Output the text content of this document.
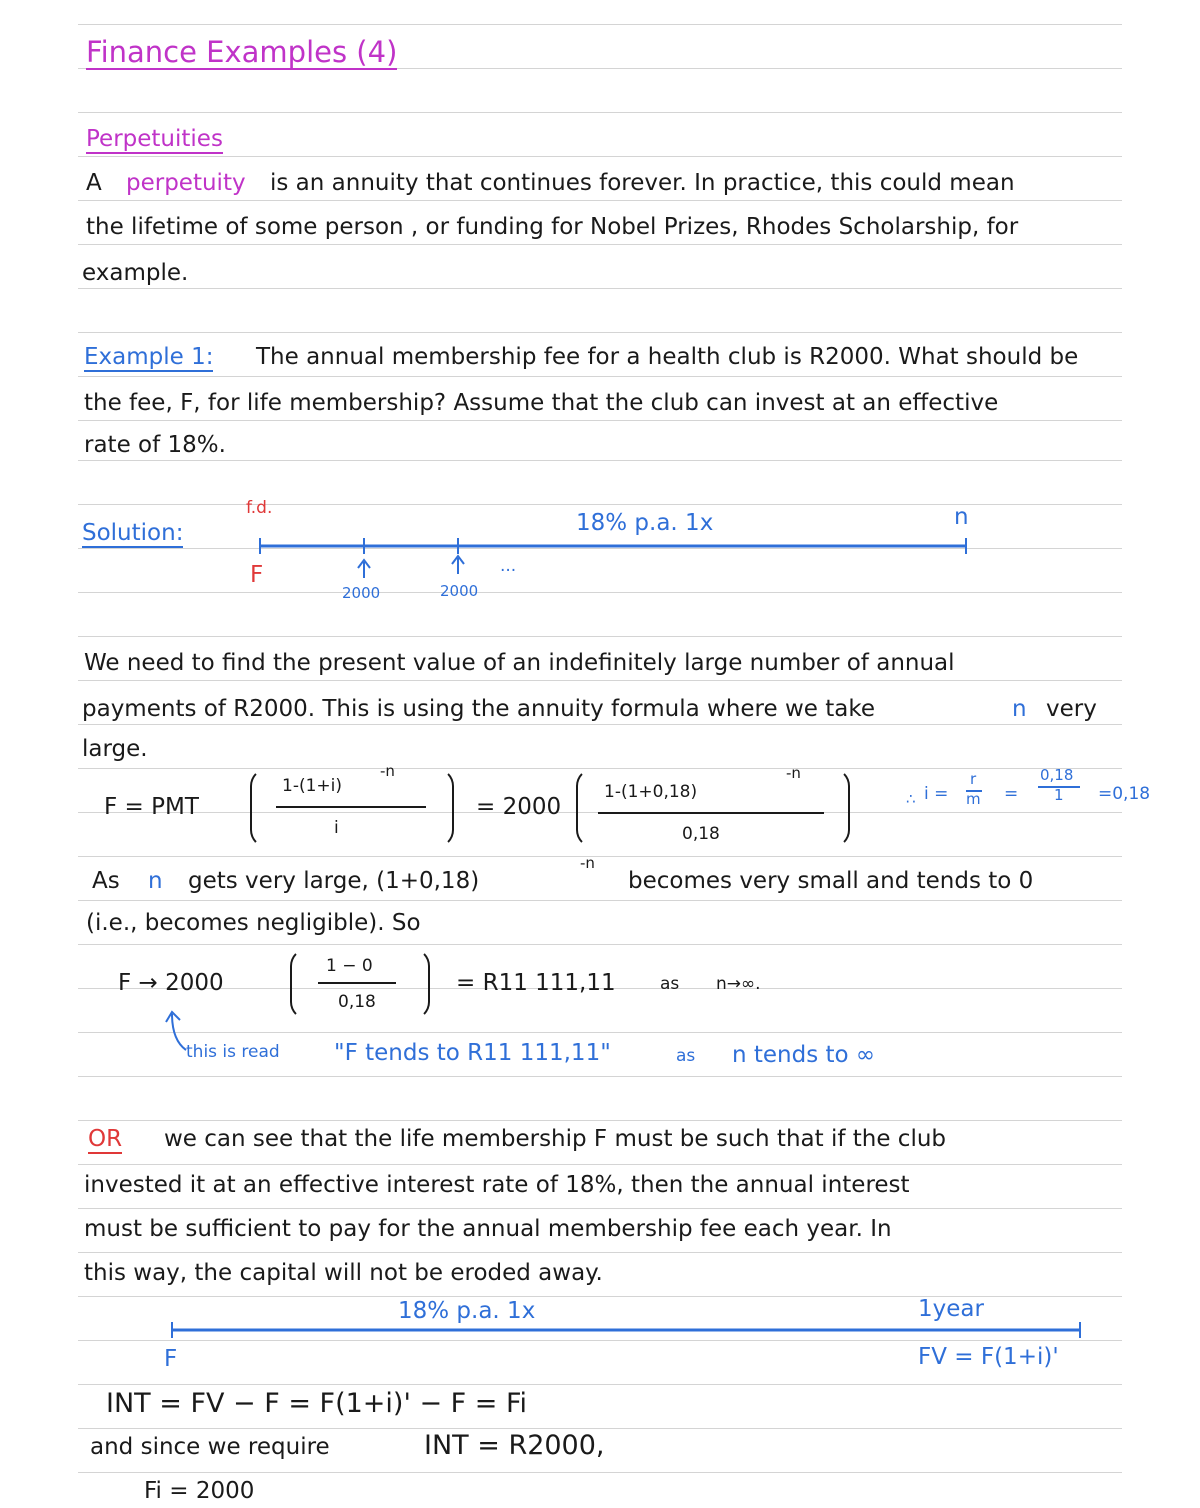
Finance Examples (4)
Perpetuities
A perpetuity is an annuity that continues forever. In practice, this could mean
the lifetime of some person , or funding for Nobel Prizes, Rhodes Scholarship, for
example.
Example 1: The annual membership fee for a health club is R2000. What should be
the fee, F, for life membership? Assume that the club can invest at an effective
rate of 18%.
Solution:
f.d.
18% p.a. 1x	n
F
2000	2000
...
We need to find the present value of an indefinitely large number of annual
payments of R2000. This is using the annuity formula where we take	n very
large.
F = PMT
1-(1+i)
-n
i
= 2000
1-(1+0,18)
-n
0,18
∴ i =
r
m =
0,18
1 =0,18
As n gets very large, (1+0,18)
-n
becomes very small and tends to 0
(i.e., becomes negligible). So
F → 2000
1 − 0
0,18
= R11 111,11	as n→∞.
this is read "F tends to R11 111,11"	as n tends to ∞
OR we can see that the life membership F must be such that if the club
invested it at an effective interest rate of 18%, then the annual interest
must be sufficient to pay for the annual membership fee each year. In
this way, the capital will not be eroded away.
18% p.a. 1x	1year
F	FV = F(1+i)'
INT = FV − F = F(1+i)' − F = Fi
and since we require	INT = R2000,
Fi = 2000
